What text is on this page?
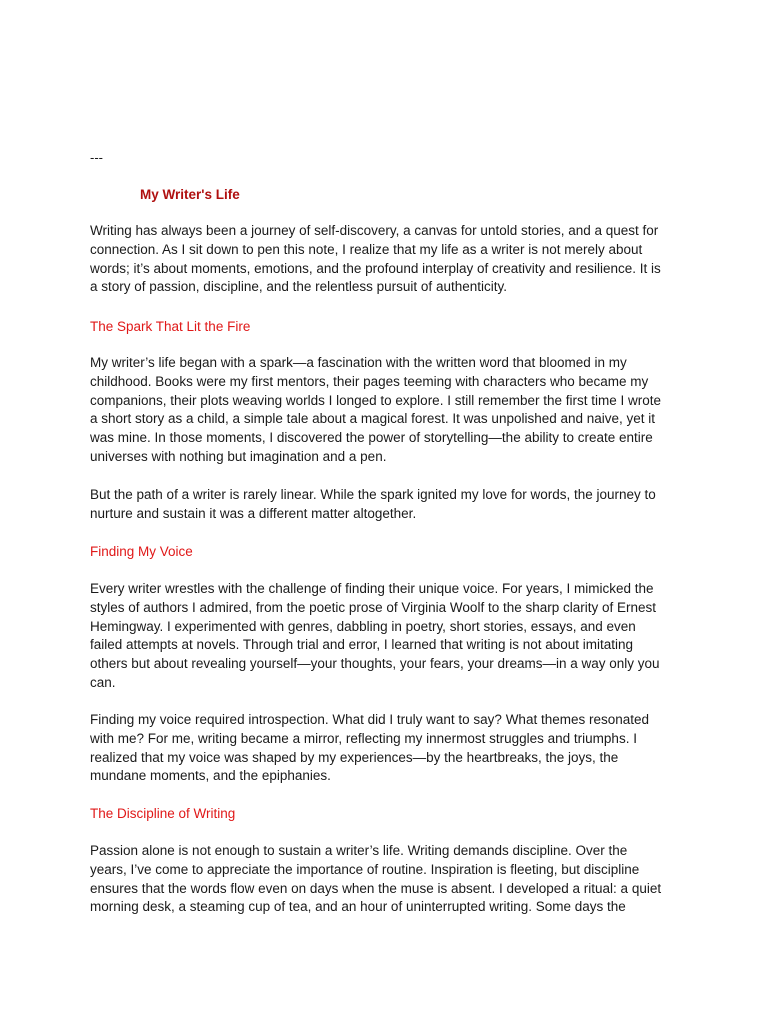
---
My Writer's Life
Writing has always been a journey of self-discovery, a canvas for untold stories, and a quest for
connection. As I sit down to pen this note, I realize that my life as a writer is not merely about
words; it’s about moments, emotions, and the profound interplay of creativity and resilience. It is
a story of passion, discipline, and the relentless pursuit of authenticity.
The Spark That Lit the Fire
My writer’s life began with a spark—a fascination with the written word that bloomed in my
childhood. Books were my first mentors, their pages teeming with characters who became my
companions, their plots weaving worlds I longed to explore. I still remember the first time I wrote
a short story as a child, a simple tale about a magical forest. It was unpolished and naive, yet it
was mine. In those moments, I discovered the power of storytelling—the ability to create entire
universes with nothing but imagination and a pen.
But the path of a writer is rarely linear. While the spark ignited my love for words, the journey to
nurture and sustain it was a different matter altogether.
Finding My Voice
Every writer wrestles with the challenge of finding their unique voice. For years, I mimicked the
styles of authors I admired, from the poetic prose of Virginia Woolf to the sharp clarity of Ernest
Hemingway. I experimented with genres, dabbling in poetry, short stories, essays, and even
failed attempts at novels. Through trial and error, I learned that writing is not about imitating
others but about revealing yourself—your thoughts, your fears, your dreams—in a way only you
can.
Finding my voice required introspection. What did I truly want to say? What themes resonated
with me? For me, writing became a mirror, reflecting my innermost struggles and triumphs. I
realized that my voice was shaped by my experiences—by the heartbreaks, the joys, the
mundane moments, and the epiphanies.
The Discipline of Writing
Passion alone is not enough to sustain a writer’s life. Writing demands discipline. Over the
years, I’ve come to appreciate the importance of routine. Inspiration is fleeting, but discipline
ensures that the words flow even on days when the muse is absent. I developed a ritual: a quiet
morning desk, a steaming cup of tea, and an hour of uninterrupted writing. Some days the
